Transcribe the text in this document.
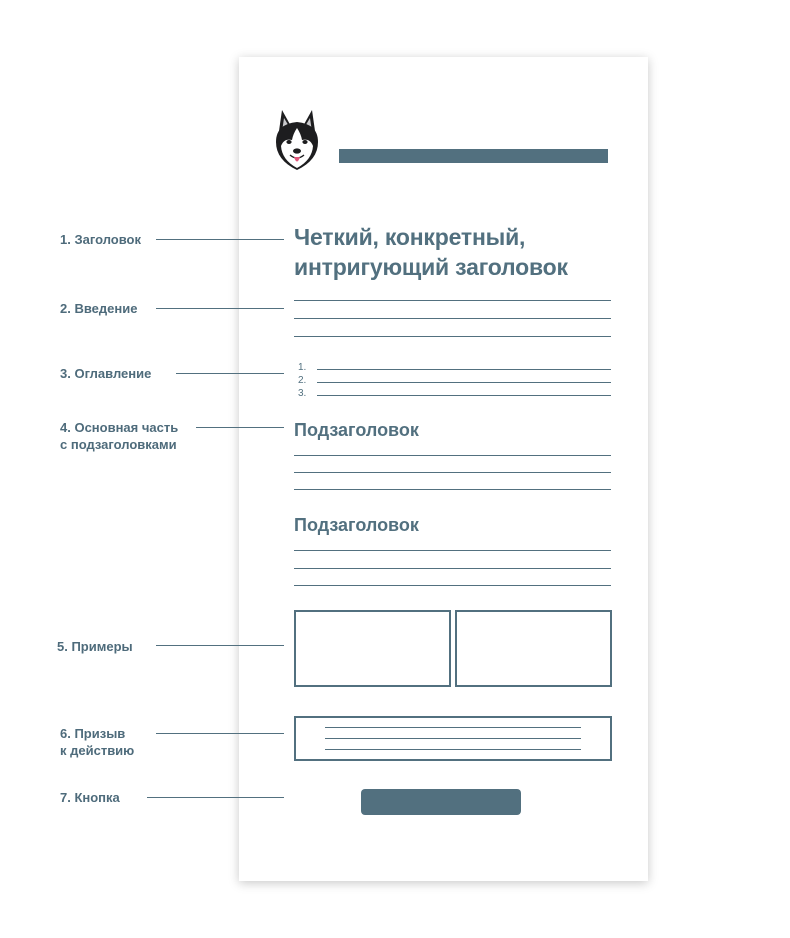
Четкий, конкретный,
интригующий заголовок
1.
2.
3.
Подзаголовок
Подзаголовок
1. Заголовок
2. Введение
3. Оглавление
4. Основная часть
с подзаголовками
5. Примеры
6. Призыв
к действию
7. Кнопка
